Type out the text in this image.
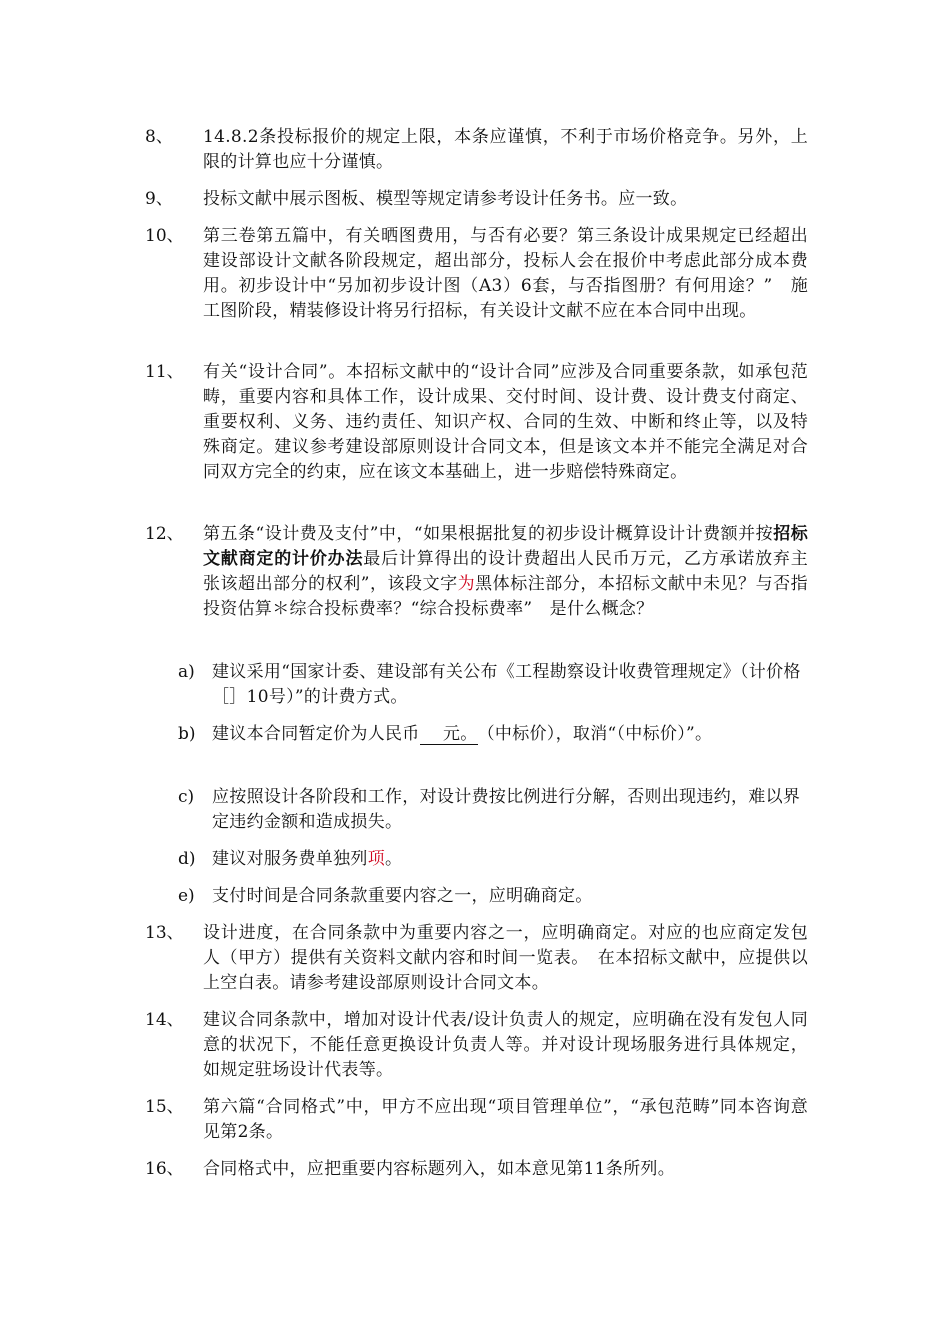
8、 14.8.2条投标报价的规定上限，本条应谨慎，不利于市场价格竞争。另外，上限的计算也应十分谨慎。
9、 投标文献中展示图板、模型等规定请参考设计任务书。应一致。
10、 第三卷第五篇中，有关晒图费用，与否有必要？第三条设计成果规定已经超出建设部设计文献各阶段规定，超出部分，投标人会在报价中考虑此部分成本费用。初步设计中“另加初步设计图（A3）6套，与否指图册？有何用途？”　施工图阶段，精装修设计将另行招标，有关设计文献不应在本合同中出现。
11、 有关“设计合同”。本招标文献中的“设计合同”应涉及合同重要条款，如承包范畴，重要内容和具体工作，设计成果、交付时间、设计费、设计费支付商定、重要权利、义务、违约责任、知识产权、合同的生效、中断和终止等，以及特殊商定。建议参考建设部原则设计合同文本，但是该文本并不能完全满足对合同双方完全的约束，应在该文本基础上，进一步赔偿特殊商定。
12、 第五条“设计费及支付”中，“如果根据批复的初步设计概算设计计费额并按招标文献商定的计价办法最后计算得出的设计费超出人民币万元，乙方承诺放弃主张该超出部分的权利”，该段文字为黑体标注部分，本招标文献中未见？与否指投资估算＊综合投标费率？“综合投标费率”　是什么概念？
a) 建议采用“国家计委、建设部有关公布《工程勘察设计收费管理规定》（计价格［］10号）”的计费方式。
b) 建议本合同暂定价为人民币 元。（中标价），取消“（中标价）”。
c) 应按照设计各阶段和工作，对设计费按比例进行分解，否则出现违约，难以界定违约金额和造成损失。
d) 建议对服务费单独列项。
e) 支付时间是合同条款重要内容之一，应明确商定。
13、 设计进度，在合同条款中为重要内容之一，应明确商定。对应的也应商定发包人（甲方）提供有关资料文献内容和时间一览表。　在本招标文献中，应提供以上空白表。请参考建设部原则设计合同文本。
14、 建议合同条款中，增加对设计代表/设计负责人的规定，应明确在没有发包人同意的状况下，不能任意更换设计负责人等。并对设计现场服务进行具体规定，如规定驻场设计代表等。
15、 第六篇“合同格式”中，甲方不应出现“项目管理单位”，“承包范畴”同本咨询意见第2条。
16、 合同格式中，应把重要内容标题列入，如本意见第11条所列。
